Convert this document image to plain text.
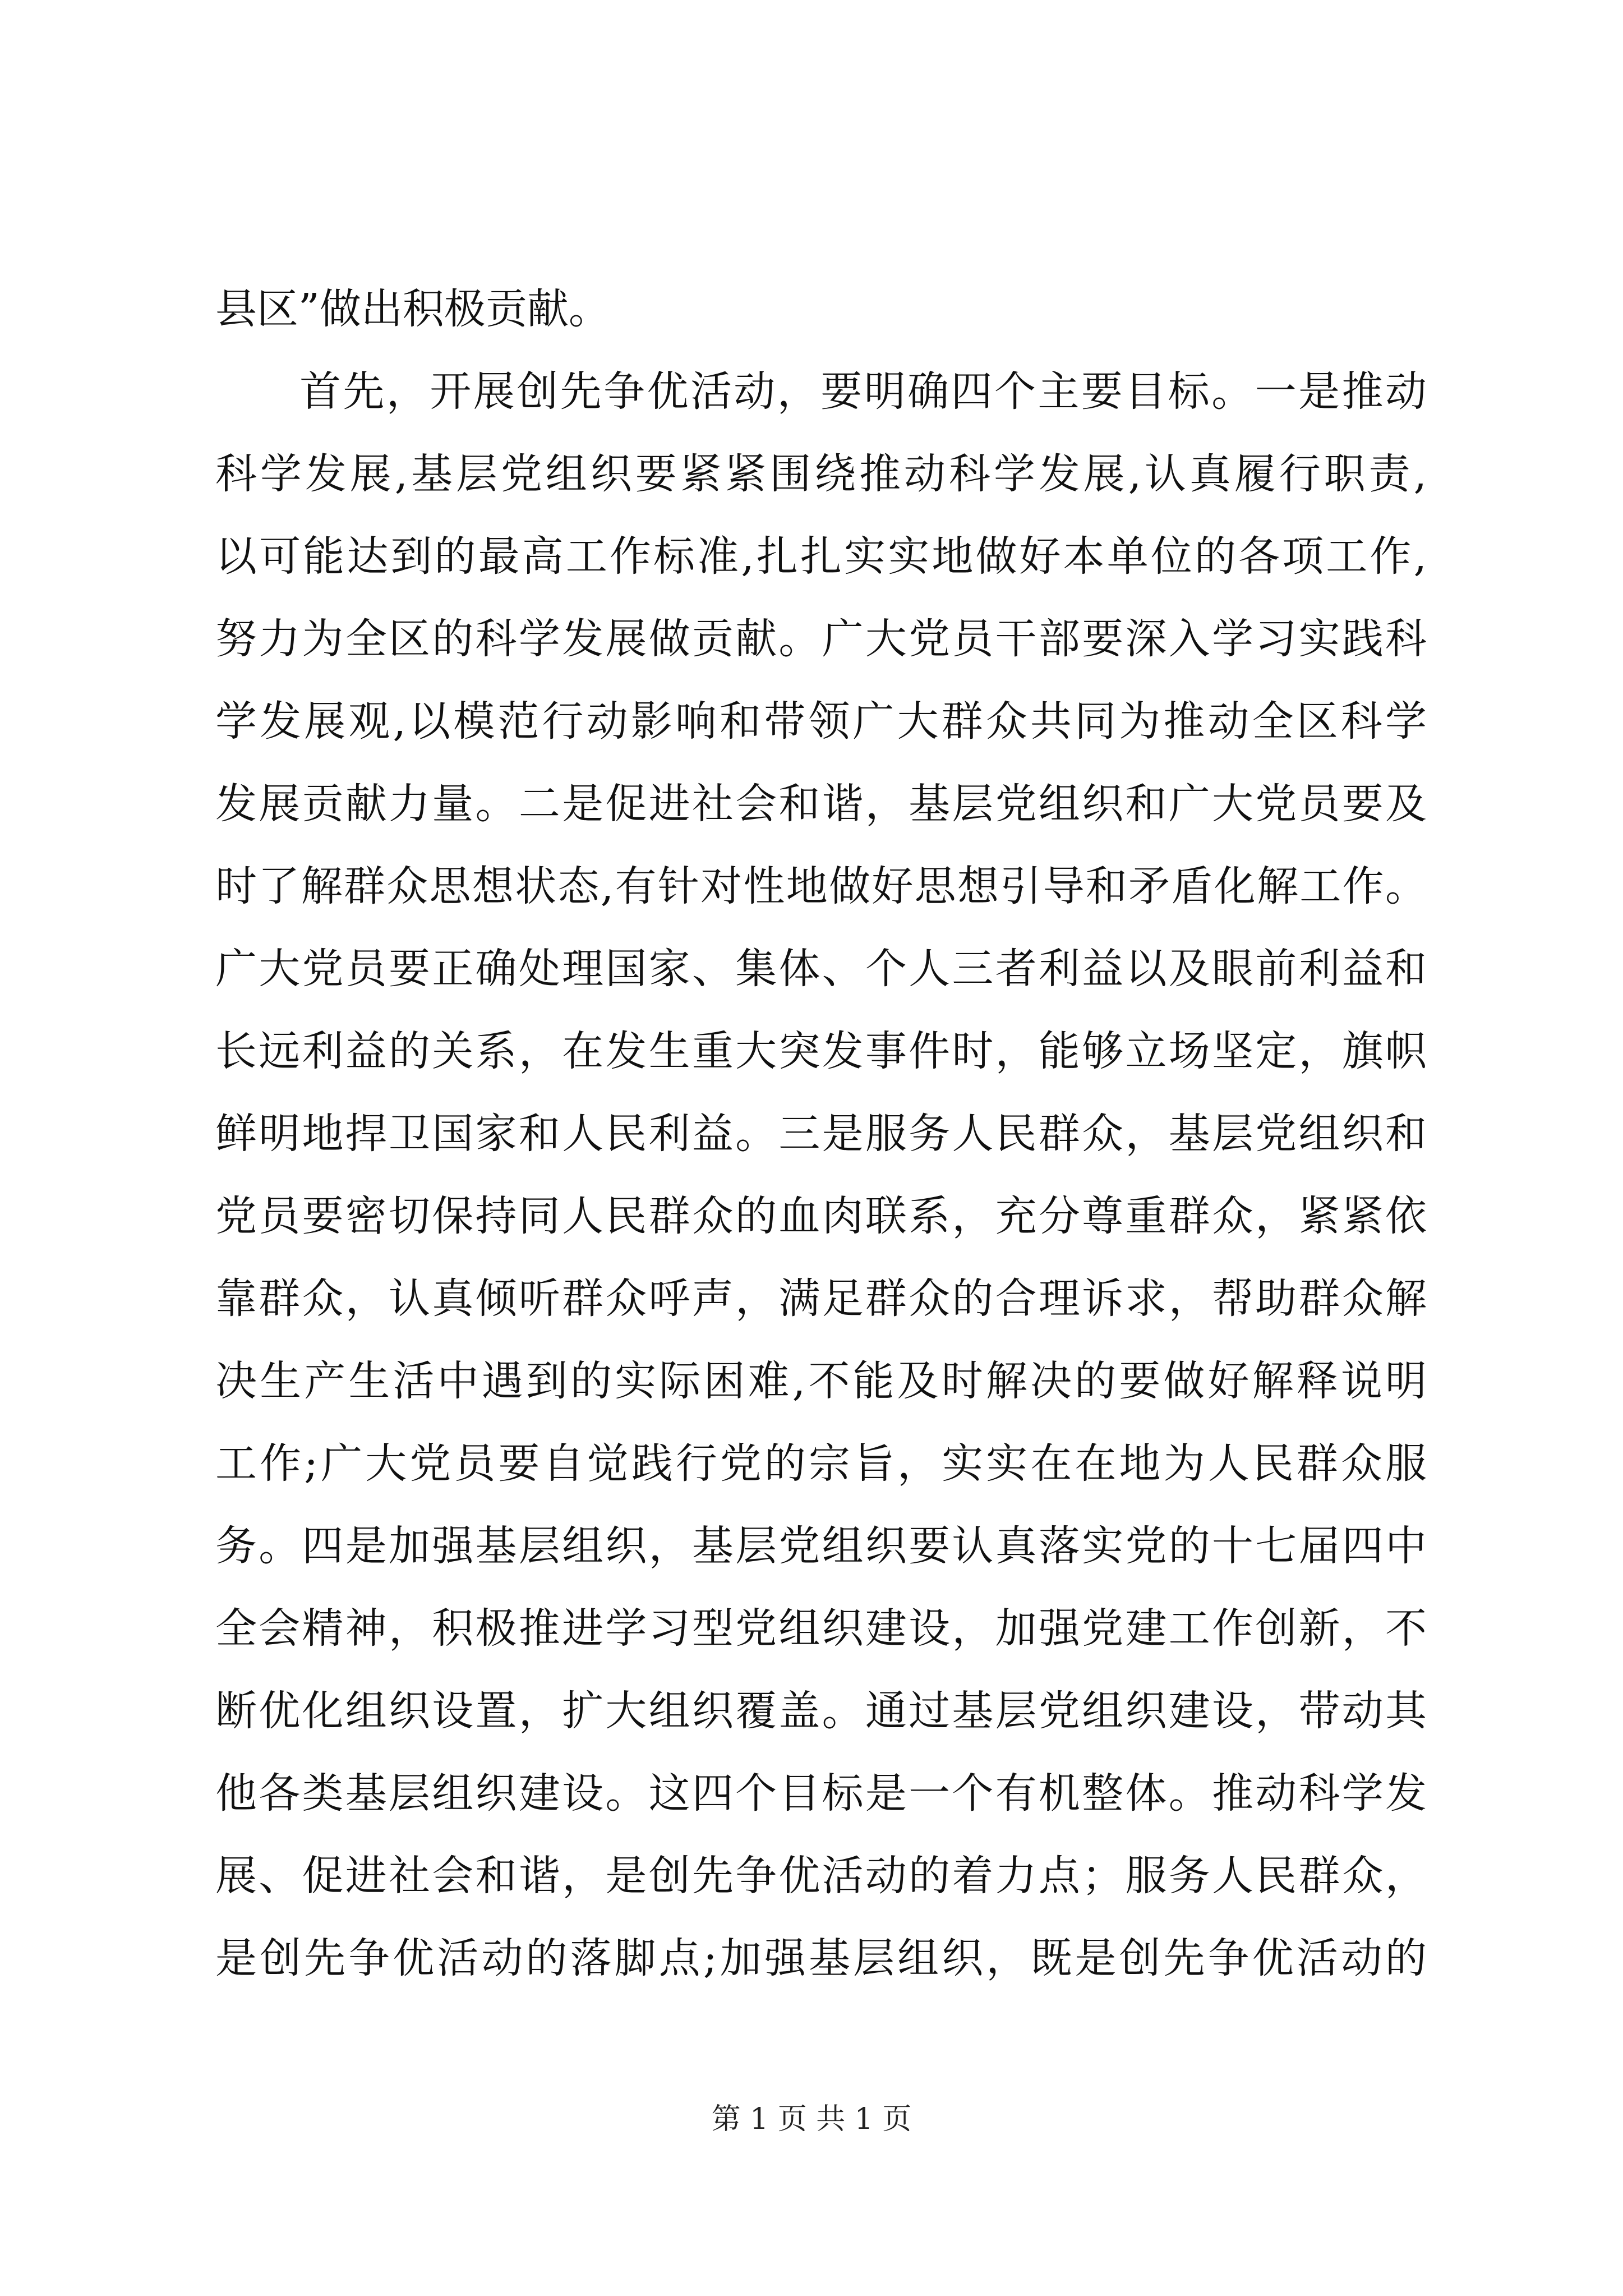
县区”做出积极贡献。
首先，开展创先争优活动，要明确四个主要目标。一是推动
科学发展,基层党组织要紧紧围绕推动科学发展,认真履行职责,
以可能达到的最高工作标准,扎扎实实地做好本单位的各项工作,
努力为全区的科学发展做贡献。广大党员干部要深入学习实践科
学发展观,以模范行动影响和带领广大群众共同为推动全区科学
发展贡献力量。二是促进社会和谐，基层党组织和广大党员要及
时了解群众思想状态,有针对性地做好思想引导和矛盾化解工作。
广大党员要正确处理国家、集体、个人三者利益以及眼前利益和
长远利益的关系，在发生重大突发事件时，能够立场坚定，旗帜
鲜明地捍卫国家和人民利益。三是服务人民群众，基层党组织和
党员要密切保持同人民群众的血肉联系，充分尊重群众，紧紧依
靠群众，认真倾听群众呼声，满足群众的合理诉求，帮助群众解
决生产生活中遇到的实际困难,不能及时解决的要做好解释说明
工作;广大党员要自觉践行党的宗旨，实实在在地为人民群众服
务。四是加强基层组织，基层党组织要认真落实党的十七届四中
全会精神，积极推进学习型党组织建设，加强党建工作创新，不
断优化组织设置，扩大组织覆盖。通过基层党组织建设，带动其
他各类基层组织建设。这四个目标是一个有机整体。推动科学发
展、促进社会和谐，是创先争优活动的着力点；服务人民群众，
是创先争优活动的落脚点;加强基层组织，既是创先争优活动的
第 1 页 共 1 页
